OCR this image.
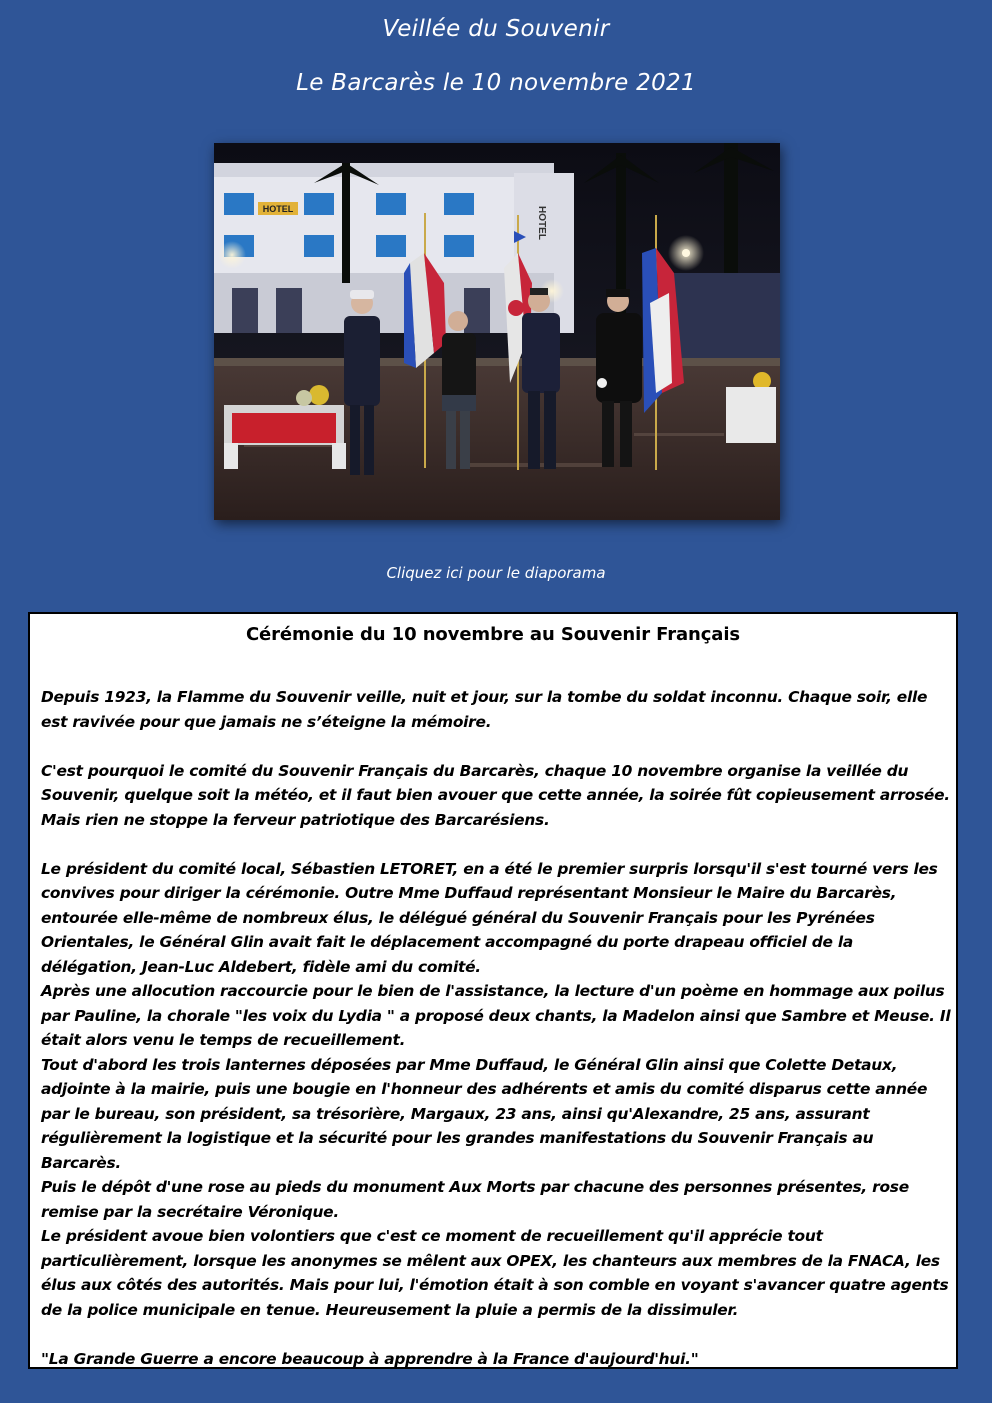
Veillée du Souvenir
Le Barcarès le 10 novembre 2021
HOTEL	HOTEL
Cliquez ici pour le diaporama
Cérémonie du 10 novembre au Souvenir Français

Depuis 1923, la Flamme du Souvenir veille, nuit et jour, sur la tombe du soldat inconnu. Chaque soir, elle est ravivée pour que jamais ne s’éteigne la mémoire.

C'est pourquoi le comité du Souvenir Français du Barcarès, chaque 10 novembre organise la veillée du Souvenir, quelque soit la météo, et il faut bien avouer que cette année, la soirée fût copieusement arrosée. Mais rien ne stoppe la ferveur patriotique des Barcarésiens.

Le président du comité local, Sébastien LETORET, en a été le premier surpris lorsqu'il s'est tourné vers les convives pour diriger la cérémonie. Outre Mme Duffaud représentant Monsieur le Maire du Barcarès, entourée elle-même de nombreux élus, le délégué général du Souvenir Français pour les Pyrénées Orientales, le Général Glin avait fait le déplacement accompagné du porte drapeau officiel de la délégation, Jean-Luc Aldebert, fidèle ami du comité.

Après une allocution raccourcie pour le bien de l'assistance, la lecture d'un poème en hommage aux poilus par Pauline, la chorale "les voix du Lydia " a proposé deux chants, la Madelon ainsi que Sambre et Meuse. Il était alors venu le temps de recueillement.

Tout d'abord les trois lanternes déposées par Mme Duffaud, le Général Glin ainsi que Colette Detaux, adjointe à la mairie, puis une bougie en l'honneur des adhérents et amis du comité disparus cette année par le bureau, son président, sa trésorière, Margaux, 23 ans, ainsi qu'Alexandre, 25 ans, assurant régulièrement la logistique et la sécurité pour les grandes manifestations du Souvenir Français au Barcarès.

Puis le dépôt d'une rose au pieds du monument Aux Morts par chacune des personnes présentes, rose remise par la secrétaire Véronique.

Le président avoue bien volontiers que c'est ce moment de recueillement qu'il apprécie tout particulièrement, lorsque les anonymes se mêlent aux OPEX, les chanteurs aux membres de la FNACA, les élus aux côtés des autorités. Mais pour lui, l'émotion était à son comble en voyant s'avancer quatre agents de la police municipale en tenue. Heureusement la pluie a permis de la dissimuler.

"La Grande Guerre a encore beaucoup à apprendre à la France d'aujourd'hui."
